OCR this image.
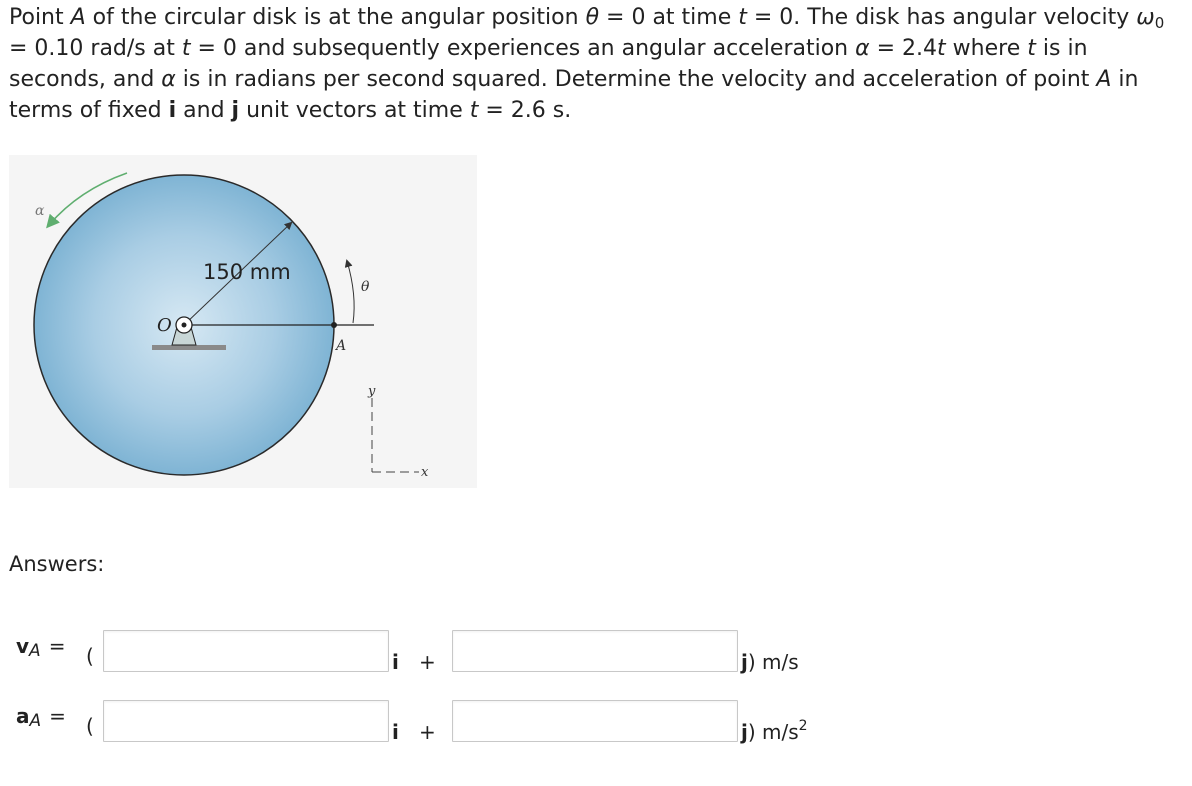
Point A of the circular disk is at the angular position θ = 0 at time t = 0. The disk has angular velocity $\omega_0 = 0.10$ rad/s at t = 0 and subsequently experiences an angular acceleration α = 2.4t where t is in seconds, and α is in radians per second squared. Determine the velocity and acceleration of point A in terms of fixed i and j unit vectors at time t = 2.6 s.

α
150 mm
θ
O
A
y
x
Answers:
$v_A$ = (	i +	j) m/s
$a_A$ = (	i +	j) $m/s^2$
